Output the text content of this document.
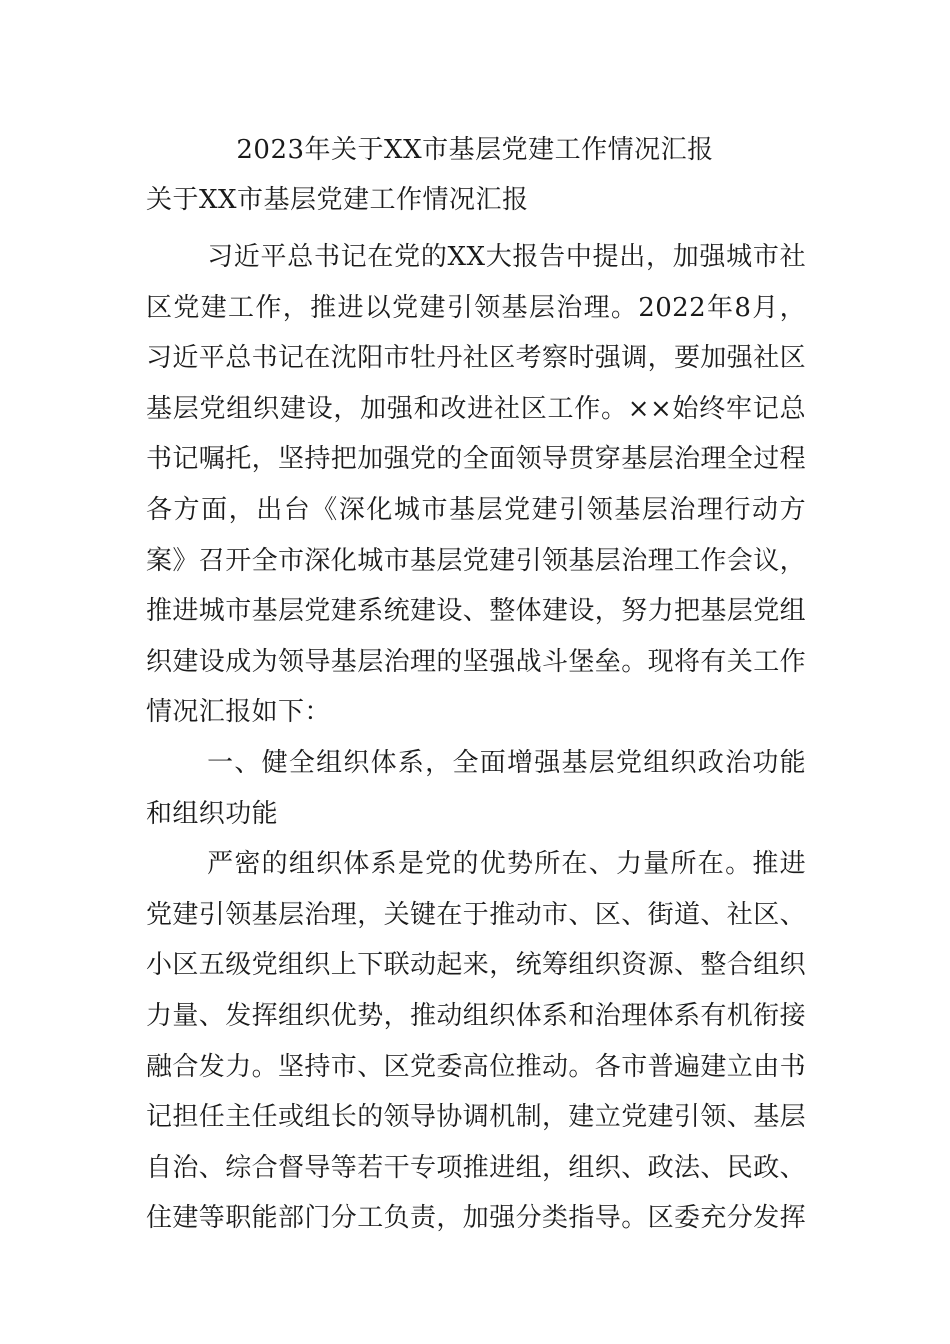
2023年关于XX市基层党建工作情况汇报
关于XX市基层党建工作情况汇报

习近平总书记在党的XX大报告中提出，加强城市社区党建工作，推进以党建引领基层治理。2022年8月，习近平总书记在沈阳市牡丹社区考察时强调，要加强社区基层党组织建设，加强和改进社区工作。××始终牢记总书记嘱托，坚持把加强党的全面领导贯穿基层治理全过程各方面，出台《深化城市基层党建引领基层治理行动方案》召开全市深化城市基层党建引领基层治理工作会议，推进城市基层党建系统建设、整体建设，努力把基层党组织建设成为领导基层治理的坚强战斗堡垒。现将有关工作情况汇报如下：

一、健全组织体系，全面增强基层党组织政治功能和组织功能

严密的组织体系是党的优势所在、力量所在。推进党建引领基层治理，关键在于推动市、区、街道、社区、小区五级党组织上下联动起来，统筹组织资源、整合组织力量、发挥组织优势，推动组织体系和治理体系有机衔接融合发力。坚持市、区党委高位推动。各市普遍建立由书记担任主任或组长的领导协调机制，建立党建引领、基层自治、综合督导等若干专项推进组，组织、政法、民政、住建等职能部门分工负责，加强分类指导。区委充分发挥
